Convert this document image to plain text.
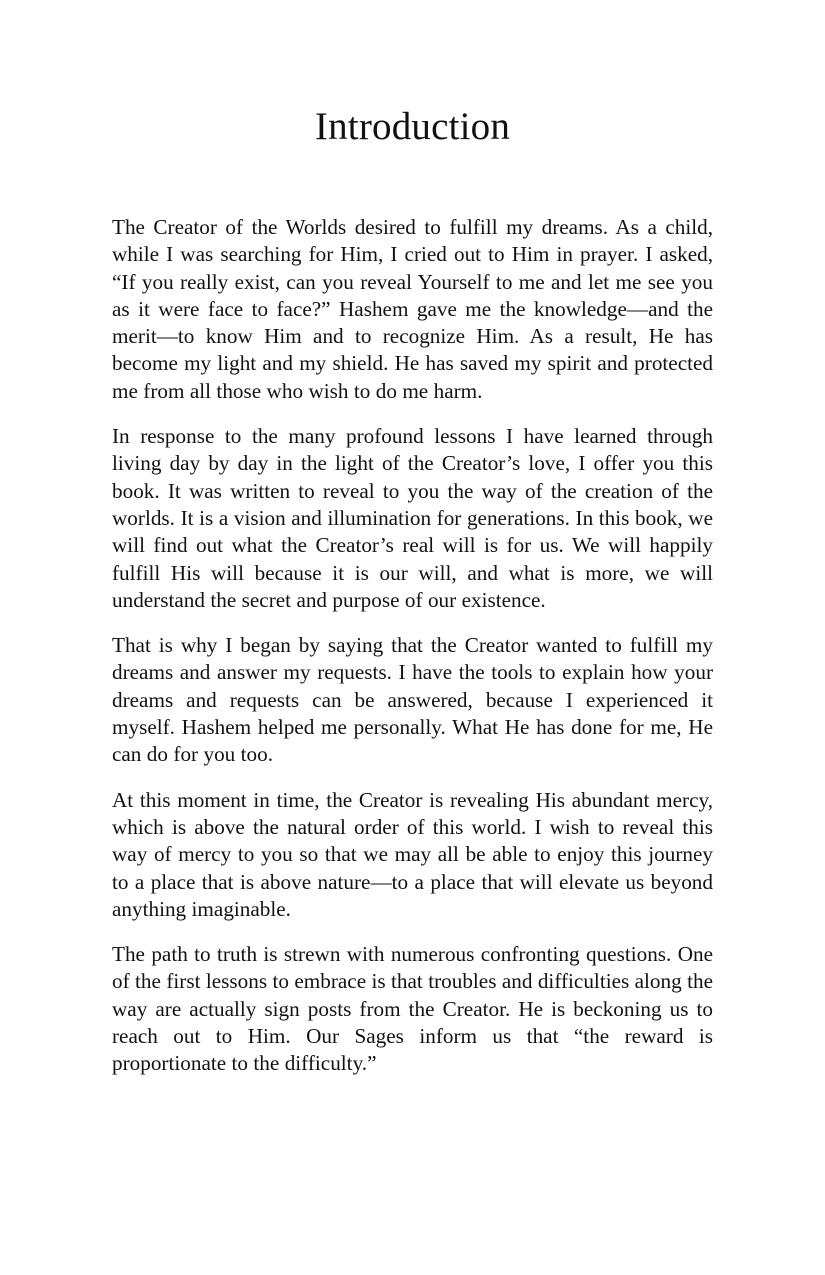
Introduction

The Creator of the Worlds desired to fulfill my dreams. As a child, while I was searching for Him, I cried out to Him in prayer. I asked, “If you really exist, can you reveal Yourself to me and let me see you as it were face to face?” Hashem gave me the knowledge—and the merit—to know Him and to recognize Him. As a result, He has become my light and my shield. He has saved my spirit and protected me from all those who wish to do me harm.

In response to the many profound lessons I have learned through living day by day in the light of the Creator’s love, I offer you this book. It was written to reveal to you the way of the creation of the worlds. It is a vision and illumination for generations. In this book, we will find out what the Creator’s real will is for us. We will happily fulfill His will because it is our will, and what is more, we will understand the secret and purpose of our existence.

That is why I began by saying that the Creator wanted to fulfill my dreams and answer my requests. I have the tools to explain how your dreams and requests can be answered, because I experienced it myself. Hashem helped me personally. What He has done for me, He can do for you too.

At this moment in time, the Creator is revealing His abundant mercy, which is above the natural order of this world. I wish to reveal this way of mercy to you so that we may all be able to enjoy this journey to a place that is above nature—to a place that will elevate us beyond anything imaginable.

The path to truth is strewn with numerous confronting questions. One of the first lessons to embrace is that troubles and difficulties along the way are actually sign posts from the Creator. He is beckoning us to reach out to Him. Our Sages inform us that “the reward is proportionate to the difficulty.”
